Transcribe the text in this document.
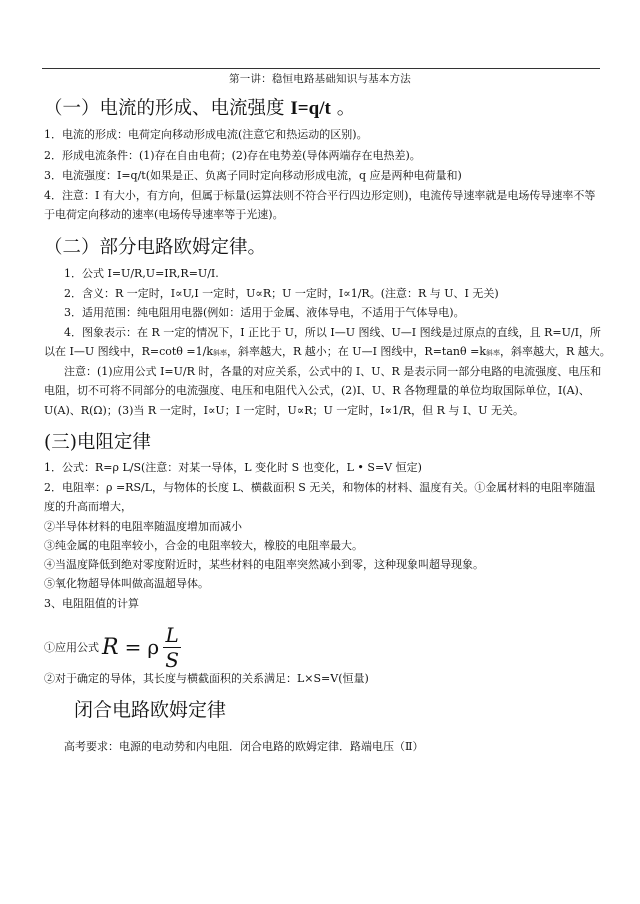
第一讲：稳恒电路基础知识与基本方法
（一）电流的形成、电流强度 I=q/t 。
1．电流的形成：电荷定向移动形成电流(注意它和热运动的区别)。
2．形成电流条件：(1)存在自由电荷；(2)存在电势差(导体两端存在电热差)。
3．电流强度：I=q/t(如果是正、负离子同时定向移动形成电流，q 应是两种电荷量和)
4．注意：I 有大小，有方向，但属于标量(运算法则不符合平行四边形定则)，电流传导速率就是电场传导速率不等
于电荷定向移动的速率(电场传导速率等于光速)。
（二）部分电路欧姆定律。
1．公式 I=U/R,U=IR,R=U/I.
2．含义：R 一定时，I∝U,I 一定时，U∝R；U 一定时，I∝1/R。(注意：R 与 U、I 无关)
3．适用范围：纯电阻用电器(例如：适用于金属、液体导电，不适用于气体导电)。
4．图象表示：在 R 一定的情况下，I 正比于 U，所以 I—U 图线、U—I 图线是过原点的直线，且 R=U/I，所
以在 I—U 图线中，R=cotθ =1/k斜率，斜率越大，R 越小；在 U—I 图线中，R=tanθ =k斜率，斜率越大，R 越大。
注意：(1)应用公式 I=U/R 时，各量的对应关系，公式中的 I、U、R 是表示同一部分电路的电流强度、电压和
电阻，切不可将不同部分的电流强度、电压和电阻代入公式，(2)I、U、R 各物理量的单位均取国际单位，I(A)、
U(A)、R(Ω)；(3)当 R 一定时，I∝U；I 一定时，U∝R；U 一定时，I∝1/R，但 R 与 I、U 无关。
(三)电阻定律
1．公式：R=ρ L/S(注意：对某一导体，L 变化时 S 也变化，L • S=V 恒定)
2．电阻率：ρ =RS/L，与物体的长度 L、横截面积 S 无关，和物体的材料、温度有关。①金属材料的电阻率随温
度的升高而增大，
②半导体材料的电阻率随温度增加而减小
③纯金属的电阻率较小，合金的电阻率较大，橡胶的电阻率最大。
④当温度降低到绝对零度附近时，某些材料的电阻率突然减小到零，这种现象叫超导现象。
⑤氧化物超导体叫做高温超导体。
3、电阻阻值的计算
①应用公式 R = ρ $\frac{L}{S}$
②对于确定的导体，其长度与横截面积的关系满足：L×S=V(恒量)
闭合电路欧姆定律
高考要求：电源的电动势和内电阻．闭合电路的欧姆定律．路端电压（Ⅱ）
